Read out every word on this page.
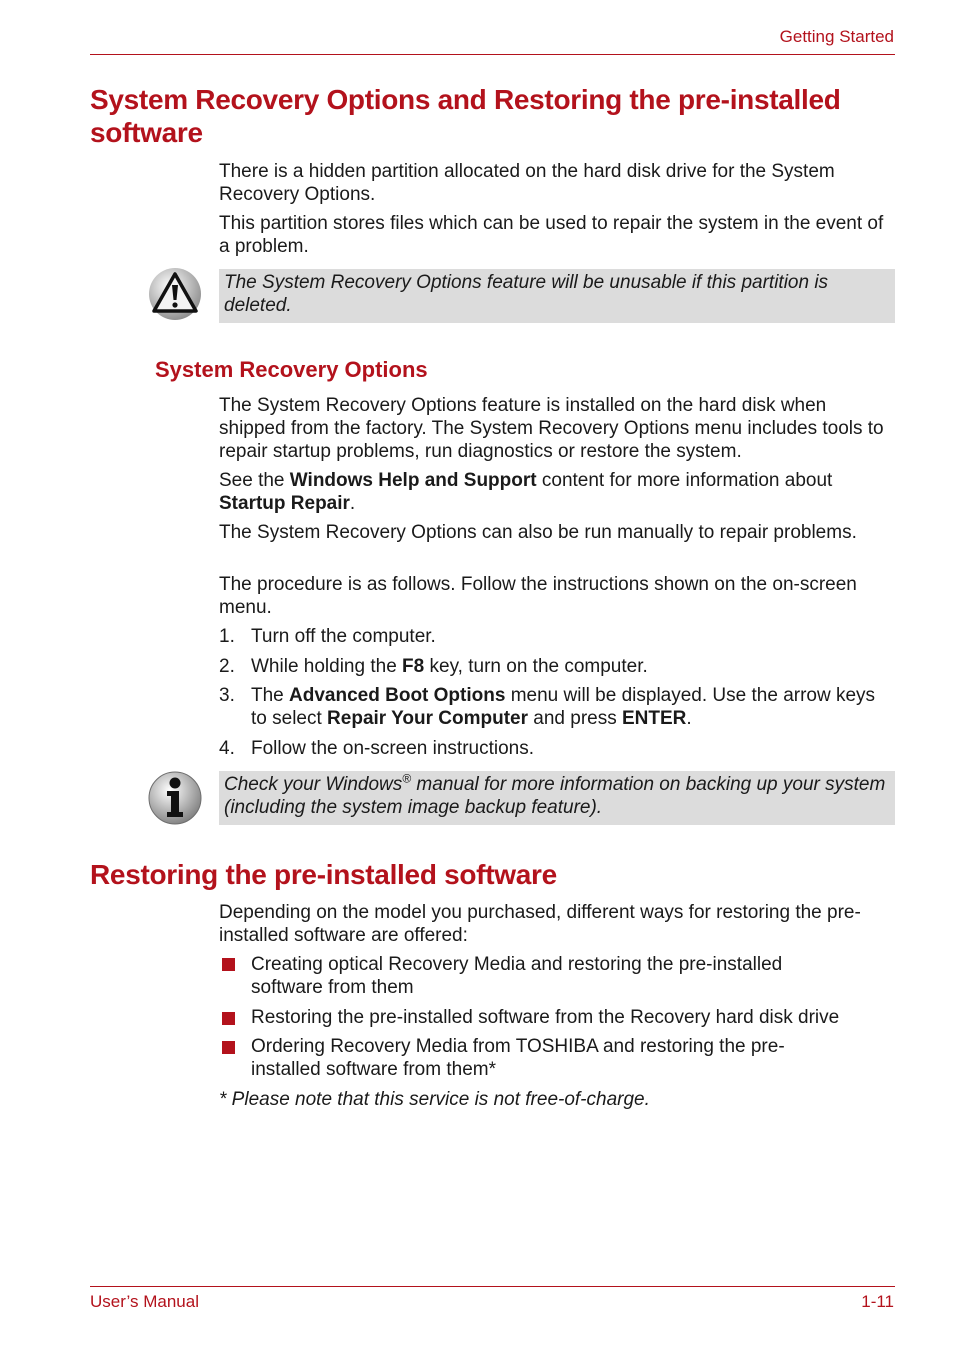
Getting Started
System Recovery Options and Restoring the pre-installed software
There is a hidden partition allocated on the hard disk drive for the System Recovery Options.
This partition stores files which can be used to repair the system in the event of a problem.
The System Recovery Options feature will be unusable if this partition is deleted.
System Recovery Options
The System Recovery Options feature is installed on the hard disk when shipped from the factory. The System Recovery Options menu includes tools to repair startup problems, run diagnostics or restore the system.
See the Windows Help and Support content for more information about Startup Repair.
The System Recovery Options can also be run manually to repair problems.
The procedure is as follows. Follow the instructions shown on the on-screen menu.
1. Turn off the computer.
2. While holding the F8 key, turn on the computer.
3. The Advanced Boot Options menu will be displayed. Use the arrow keys to select Repair Your Computer and press ENTER.
4. Follow the on-screen instructions.
Check your Windows® manual for more information on backing up your system (including the system image backup feature).
Restoring the pre-installed software
Depending on the model you purchased, different ways for restoring the pre-installed software are offered:
Creating optical Recovery Media and restoring the pre-installed software from them
Restoring the pre-installed software from the Recovery hard disk drive
Ordering Recovery Media from TOSHIBA and restoring the pre-installed software from them*
* Please note that this service is not free-of-charge.
User’s Manual	1-11
